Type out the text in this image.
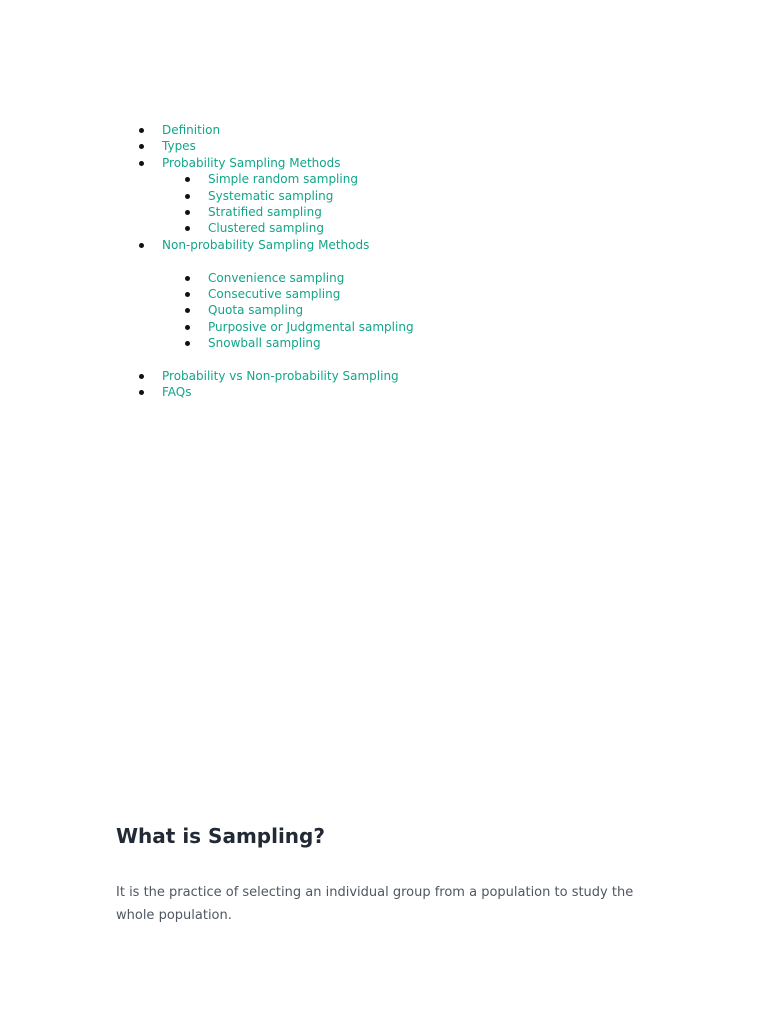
Definition
Types
Probability Sampling Methods
Simple random sampling
Systematic sampling
Stratified sampling
Clustered sampling
Non-probability Sampling Methods
Convenience sampling
Consecutive sampling
Quota sampling
Purposive or Judgmental sampling
Snowball sampling
Probability vs Non-probability Sampling
FAQs
What is Sampling?

It is the practice of selecting an individual group from a population to study the whole population.
